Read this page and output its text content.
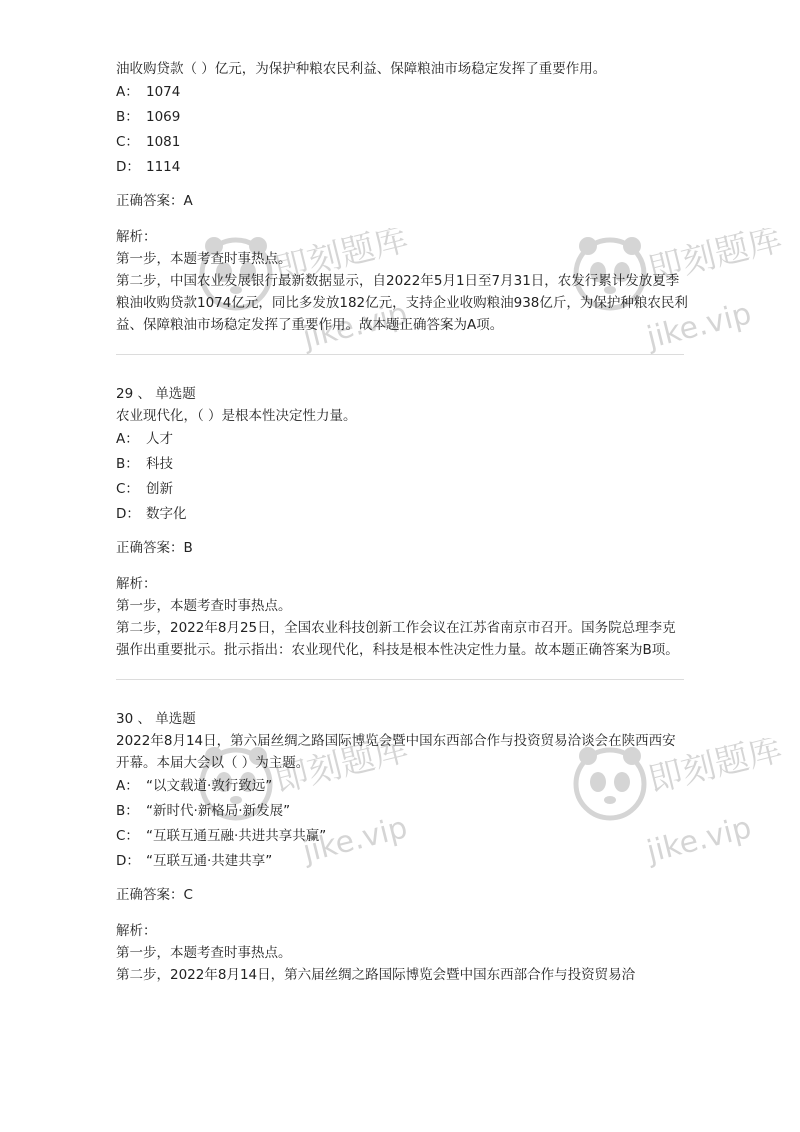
即刻题库
jike.vip
即刻题库
jike.vip
即刻题库
jike.vip
即刻题库
jike.vip
油收购贷款（ ）亿元，为保护种粮农民利益、保障粮油市场稳定发挥了重要作用。
A： 1074
B： 1069
C： 1081
D： 1114
正确答案：A
解析：
第一步，本题考查时事热点。
第二步，中国农业发展银行最新数据显示，自2022年5月1日至7月31日，农发行累计发放夏季粮油收购贷款1074亿元，同比多发放182亿元，支持企业收购粮油938亿斤，为保护种粮农民利益、保障粮油市场稳定发挥了重要作用。故本题正确答案为A项。
29 、 单选题
农业现代化，（ ）是根本性决定性力量。
A： 人才
B： 科技
C： 创新
D： 数字化
正确答案：B
解析：
第一步，本题考查时事热点。
第二步，2022年8月25日，全国农业科技创新工作会议在江苏省南京市召开。国务院总理李克强作出重要批示。批示指出：农业现代化，科技是根本性决定性力量。故本题正确答案为B项。
30 、 单选题
2022年8月14日，第六届丝绸之路国际博览会暨中国东西部合作与投资贸易洽谈会在陕西西安开幕。本届大会以（ ）为主题。
A： “以文载道·敦行致远”
B： “新时代·新格局·新发展”
C： “互联互通互融·共进共享共赢”
D： “互联互通·共建共享”
正确答案：C
解析：
第一步，本题考查时事热点。
第二步，2022年8月14日，第六届丝绸之路国际博览会暨中国东西部合作与投资贸易洽
